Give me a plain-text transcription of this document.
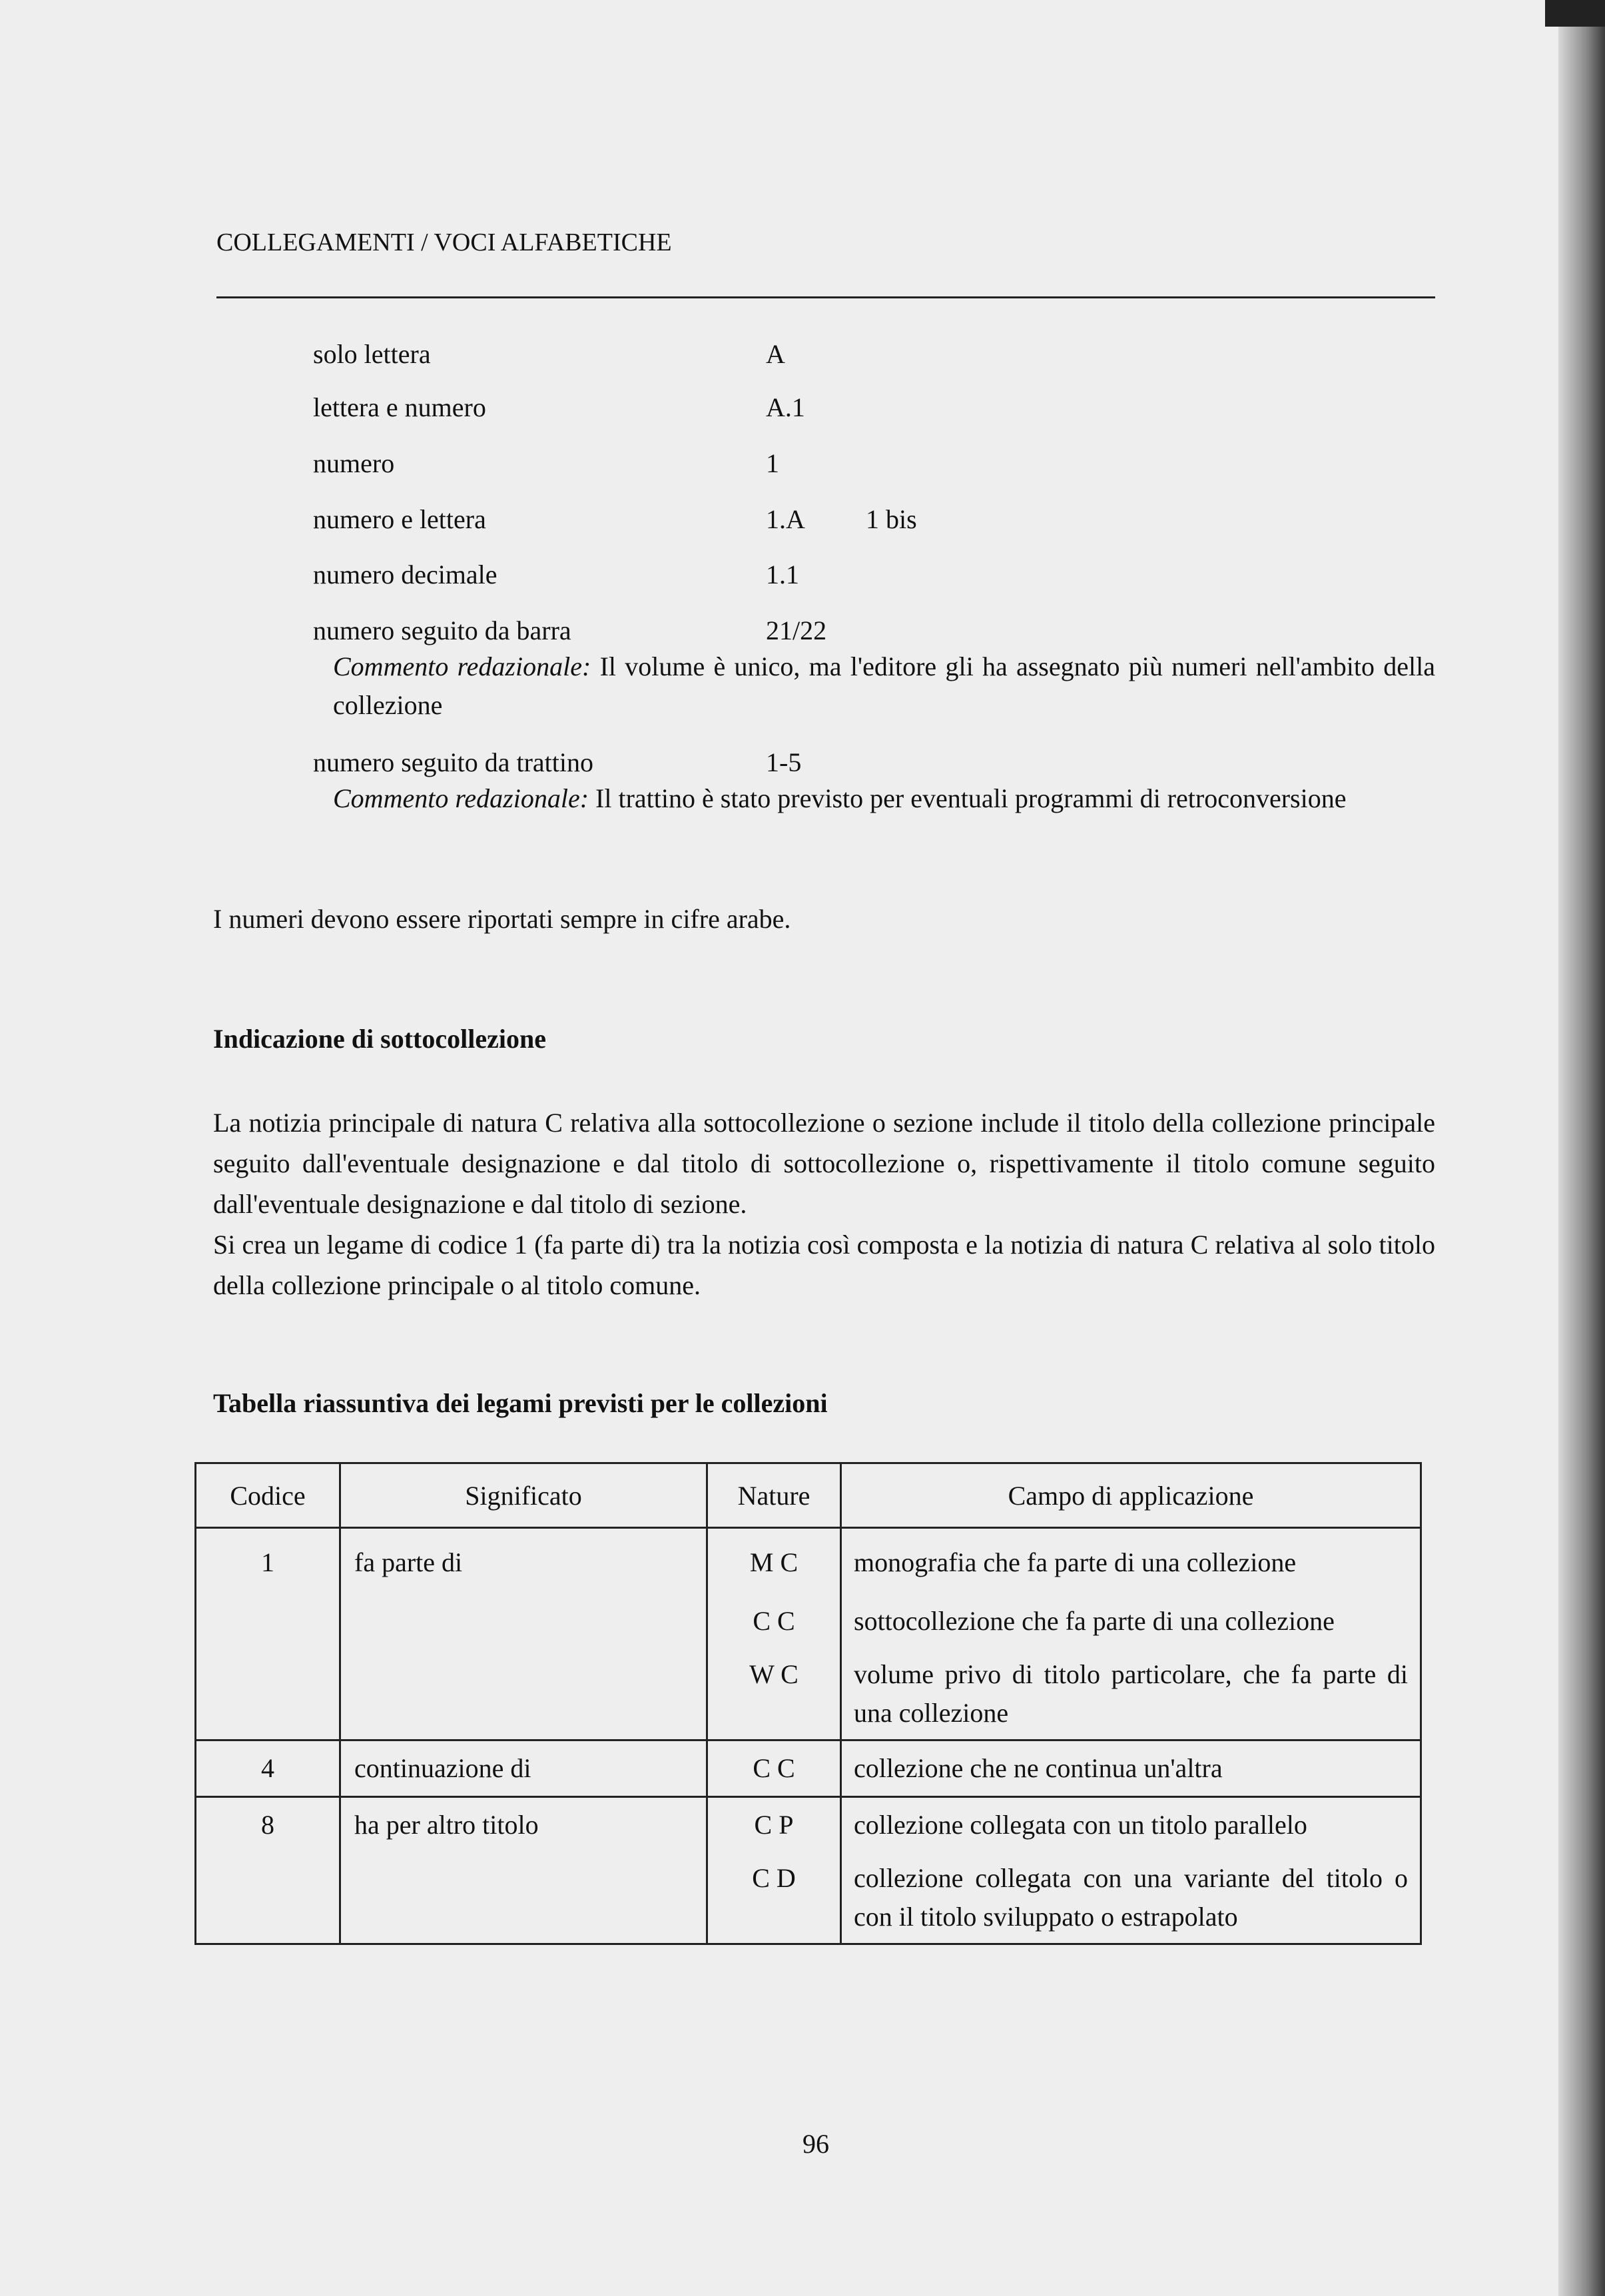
COLLEGAMENTI / VOCI ALFABETICHE
solo lettera	A
lettera e numero	A.1
numero	1
numero e lettera	1.A 1 bis
numero decimale	1.1
numero seguito da barra	21/22
Commento redazionale: Il volume è unico, ma l'editore gli ha assegnato più numeri nell'ambito della collezione
numero seguito da trattino	1-5
Commento redazionale: Il trattino è stato previsto per eventuali programmi di retroconversione
I numeri devono essere riportati sempre in cifre arabe.
Indicazione di sottocollezione
La notizia principale di natura C relativa alla sottocollezione o sezione include il titolo della collezione principale seguito dall'eventuale designazione e dal titolo di sottocollezione o, rispettivamente il titolo comune seguito dall'eventuale designazione e dal titolo di sezione.
Si crea un legame di codice 1 (fa parte di) tra la notizia così composta e la notizia di natura C relativa al solo titolo della collezione principale o al titolo comune.
Tabella riassuntiva dei legami previsti per le collezioni
Codice	Significato	Nature	Campo di applicazione
1	fa parte di	M C	monografia che fa parte di una collezione
		C C	sottocollezione che fa parte di una collezione
		W C	volume privo di titolo particolare, che fa parte di una collezione
4	continuazione di	C C	collezione che ne continua un'altra
8	ha per altro titolo	C P	collezione collegata con un titolo parallelo
		C D	collezione collegata con una variante del titolo o con il titolo sviluppato o estrapolato
96
